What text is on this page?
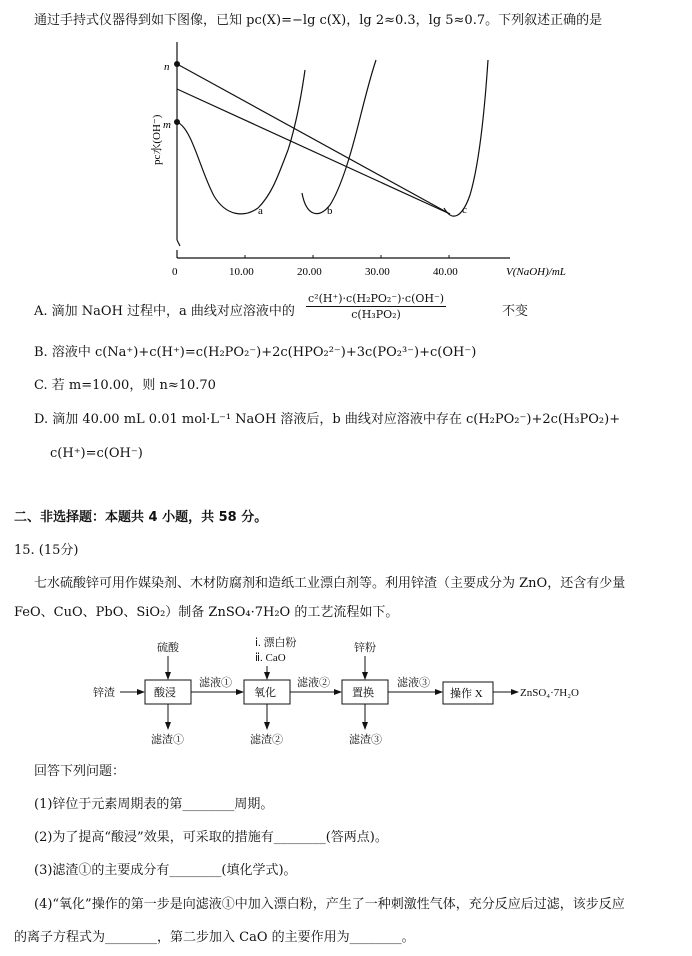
通过手持式仪器得到如下图像，已知 pc(X)=−lg c(X)，lg 2≈0.3，lg 5≈0.7。下列叙述正确的是
0	10.00	20.00	30.00	40.00	V(NaOH)/mL
pc水(OH⁻)
n
m
a	b	c
A. 滴加 NaOH 过程中，a 曲线对应溶液中的 $\frac{\text{c²(H⁺)·c(H₂PO₂⁻)·c(OH⁻)}}{\text{c(H₃PO₂)}}$	不变
B. 溶液中 c(Na⁺)+c(H⁺)=c(H₂PO₂⁻)+2c(HPO₂²⁻)+3c(PO₂³⁻)+c(OH⁻)
C. 若 m=10.00，则 n≈10.70
D. 滴加 40.00 mL 0.01 mol·L⁻¹ NaOH 溶液后，b 曲线对应溶液中存在 c(H₂PO₂⁻)+2c(H₃PO₂)+
c(H⁺)=c(OH⁻)
二、非选择题：本题共 4 小题，共 58 分。
15. (15分)
七水硫酸锌可用作媒染剂、木材防腐剂和造纸工业漂白剂等。利用锌渣（主要成分为 ZnO，还含有少量
FeO、CuO、PbO、SiO₂）制备 ZnSO₄·7H₂O 的工艺流程如下。
锌渣
硫酸
滤液①
滤渣①
ⅰ. 漂白粉
ⅱ. CaO
滤液②
滤渣②
锌粉
滤液③
滤渣③
ZnSO₄·7H₂O
酸浸	氧化	置换	操作 X
回答下列问题：
(1)锌位于元素周期表的第________周期。
(2)为了提高“酸浸”效果，可采取的措施有________(答两点)。
(3)滤渣①的主要成分有________(填化学式)。
(4)“氧化”操作的第一步是向滤液①中加入漂白粉，产生了一种刺激性气体，充分反应后过滤，该步反应
的离子方程式为________，第二步加入 CaO 的主要作用为________。
